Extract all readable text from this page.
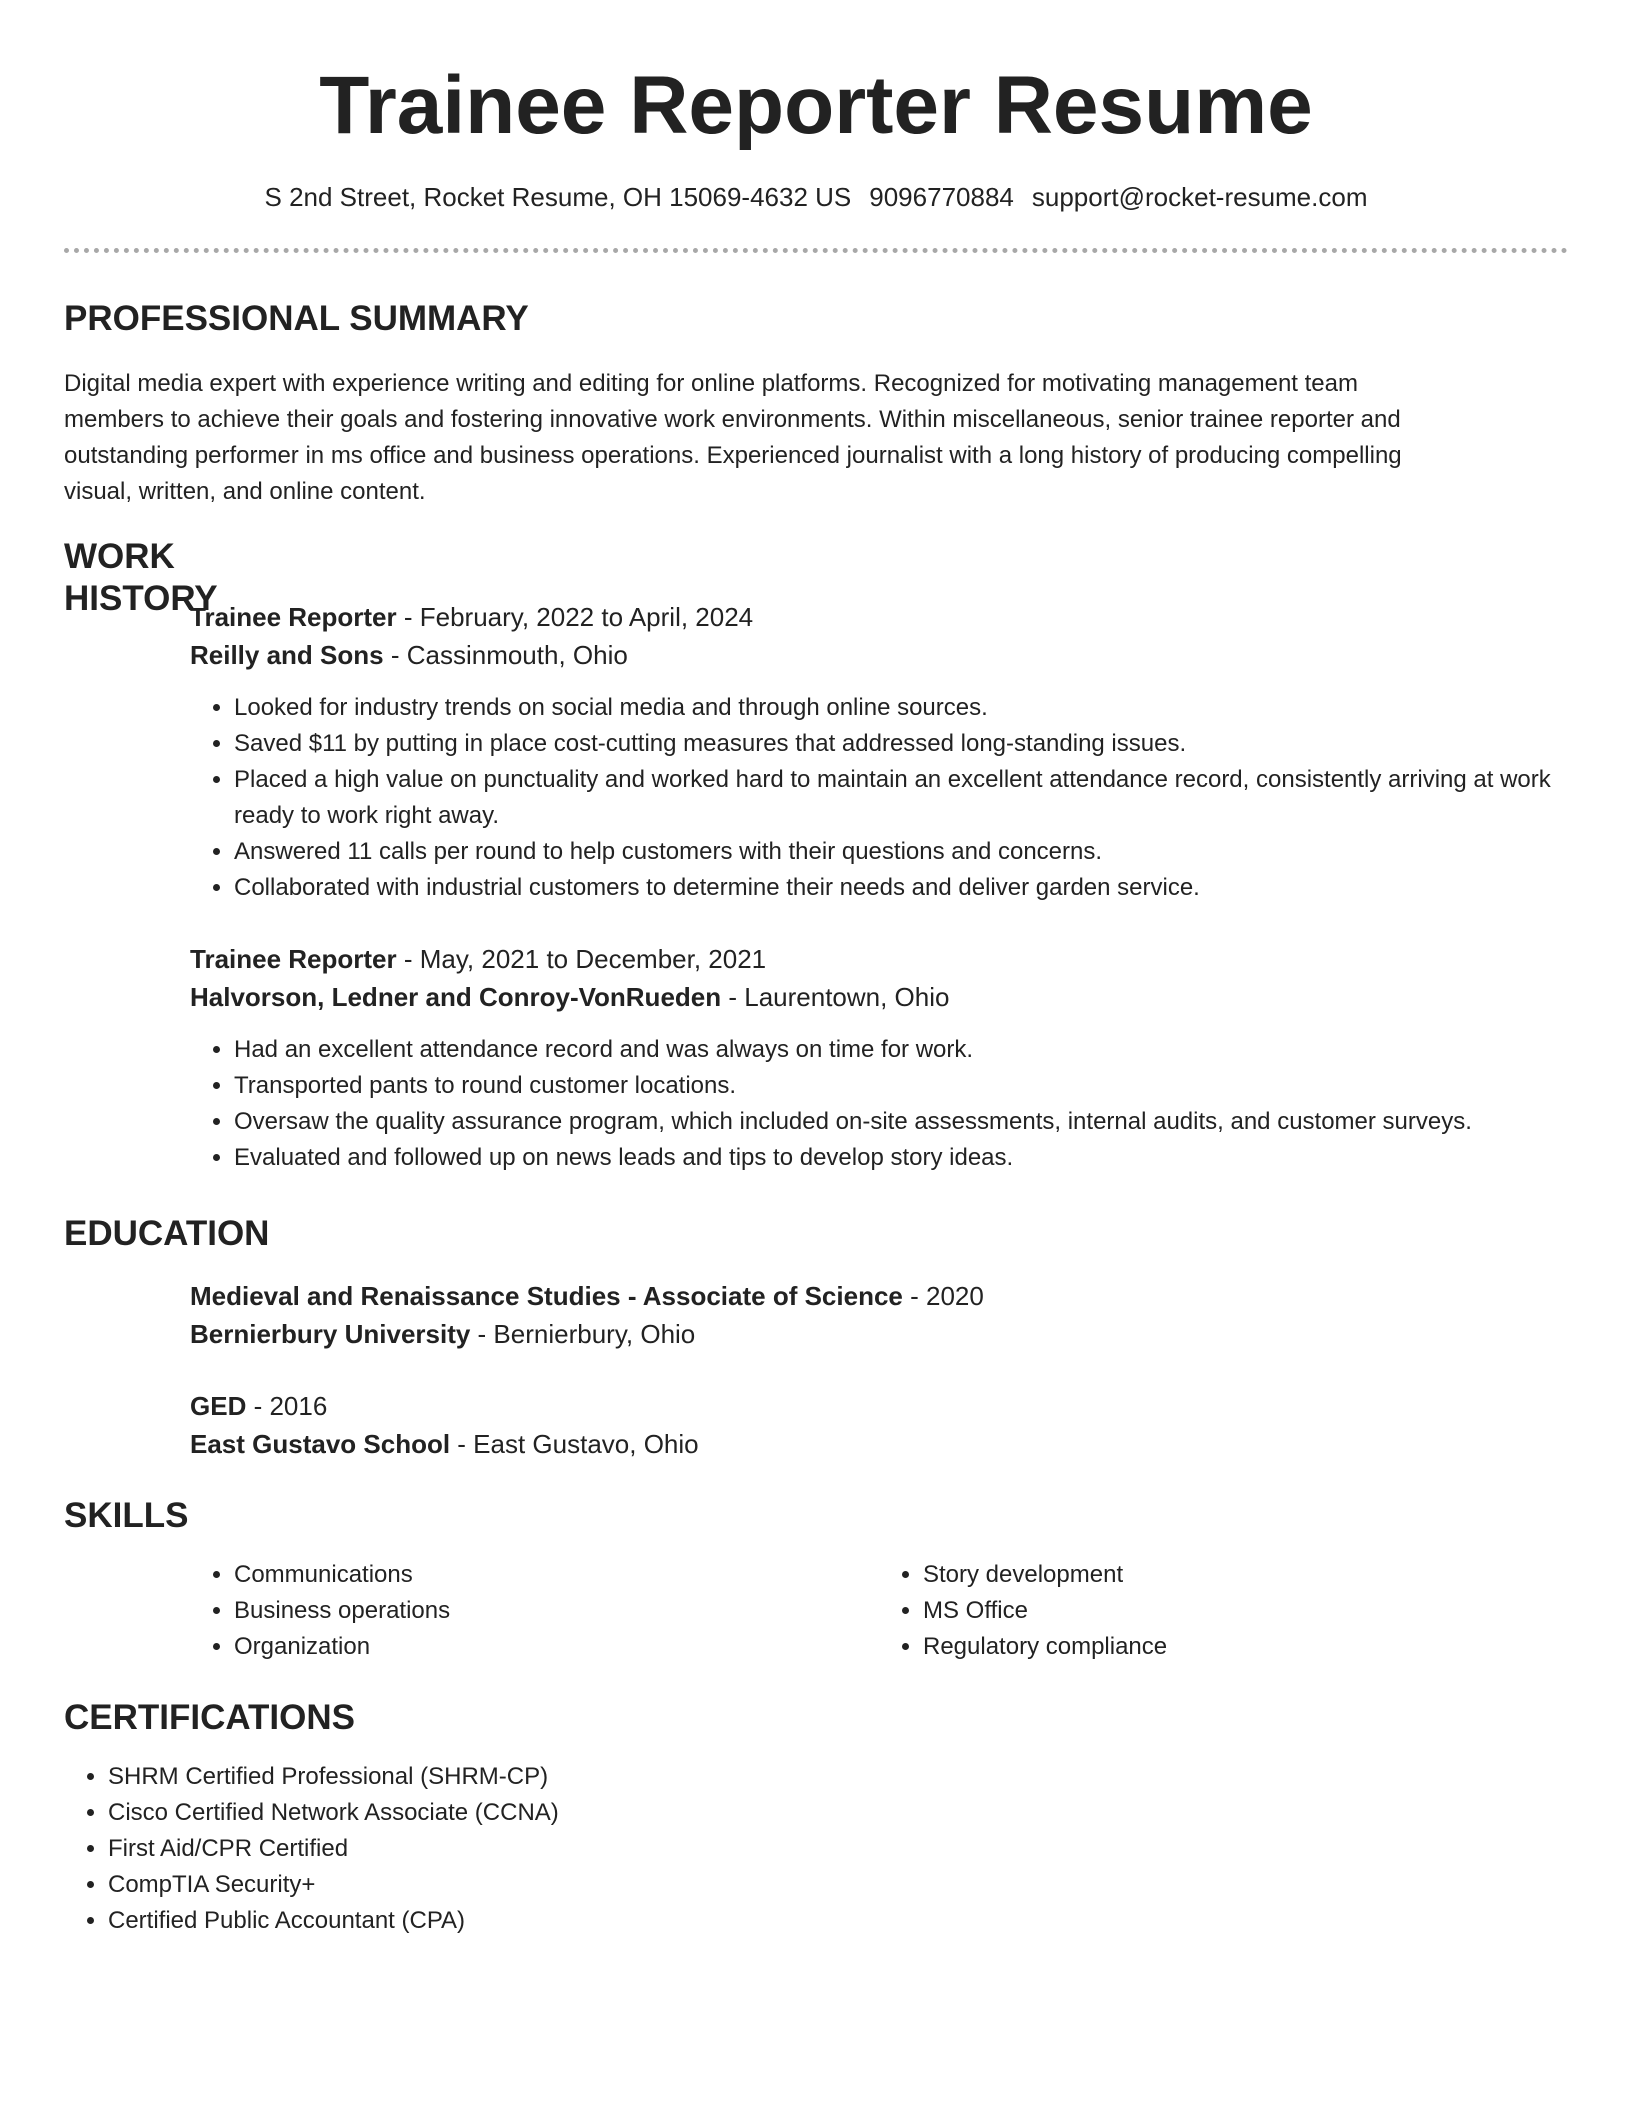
Trainee Reporter Resume
S 2nd Street, Rocket Resume, OH 15069-4632 US 9096770884 support@rocket-resume.com
PROFESSIONAL SUMMARY

Digital media expert with experience writing and editing for online platforms. Recognized for motivating management team members to achieve their goals and fostering innovative work environments. Within miscellaneous, senior trainee reporter and outstanding performer in ms office and business operations. Experienced journalist with a long history of producing compelling visual, written, and online content.

WORK HISTORY

Trainee Reporter - February, 2022 to April, 2024

Reilly and Sons - Cassinmouth, Ohio

• Looked for industry trends on social media and through online sources.
• Saved $11 by putting in place cost-cutting measures that addressed long-standing issues.
• Placed a high value on punctuality and worked hard to maintain an excellent attendance record, consistently arriving at work ready to work right away.
• Answered 11 calls per round to help customers with their questions and concerns.
• Collaborated with industrial customers to determine their needs and deliver garden service.

Trainee Reporter - May, 2021 to December, 2021

Halvorson, Ledner and Conroy-VonRueden - Laurentown, Ohio

• Had an excellent attendance record and was always on time for work.
• Transported pants to round customer locations.
• Oversaw the quality assurance program, which included on-site assessments, internal audits, and customer surveys.
• Evaluated and followed up on news leads and tips to develop story ideas.
EDUCATION

Medieval and Renaissance Studies - Associate of Science - 2020

Bernierbury University - Bernierbury, Ohio

GED - 2016

East Gustavo School - East Gustavo, Ohio

SKILLS
• Communications
• Business operations
• Organization
• Story development
• MS Office
• Regulatory compliance
CERTIFICATIONS
• SHRM Certified Professional (SHRM-CP)
• Cisco Certified Network Associate (CCNA)
• First Aid/CPR Certified
• CompTIA Security+
• Certified Public Accountant (CPA)
